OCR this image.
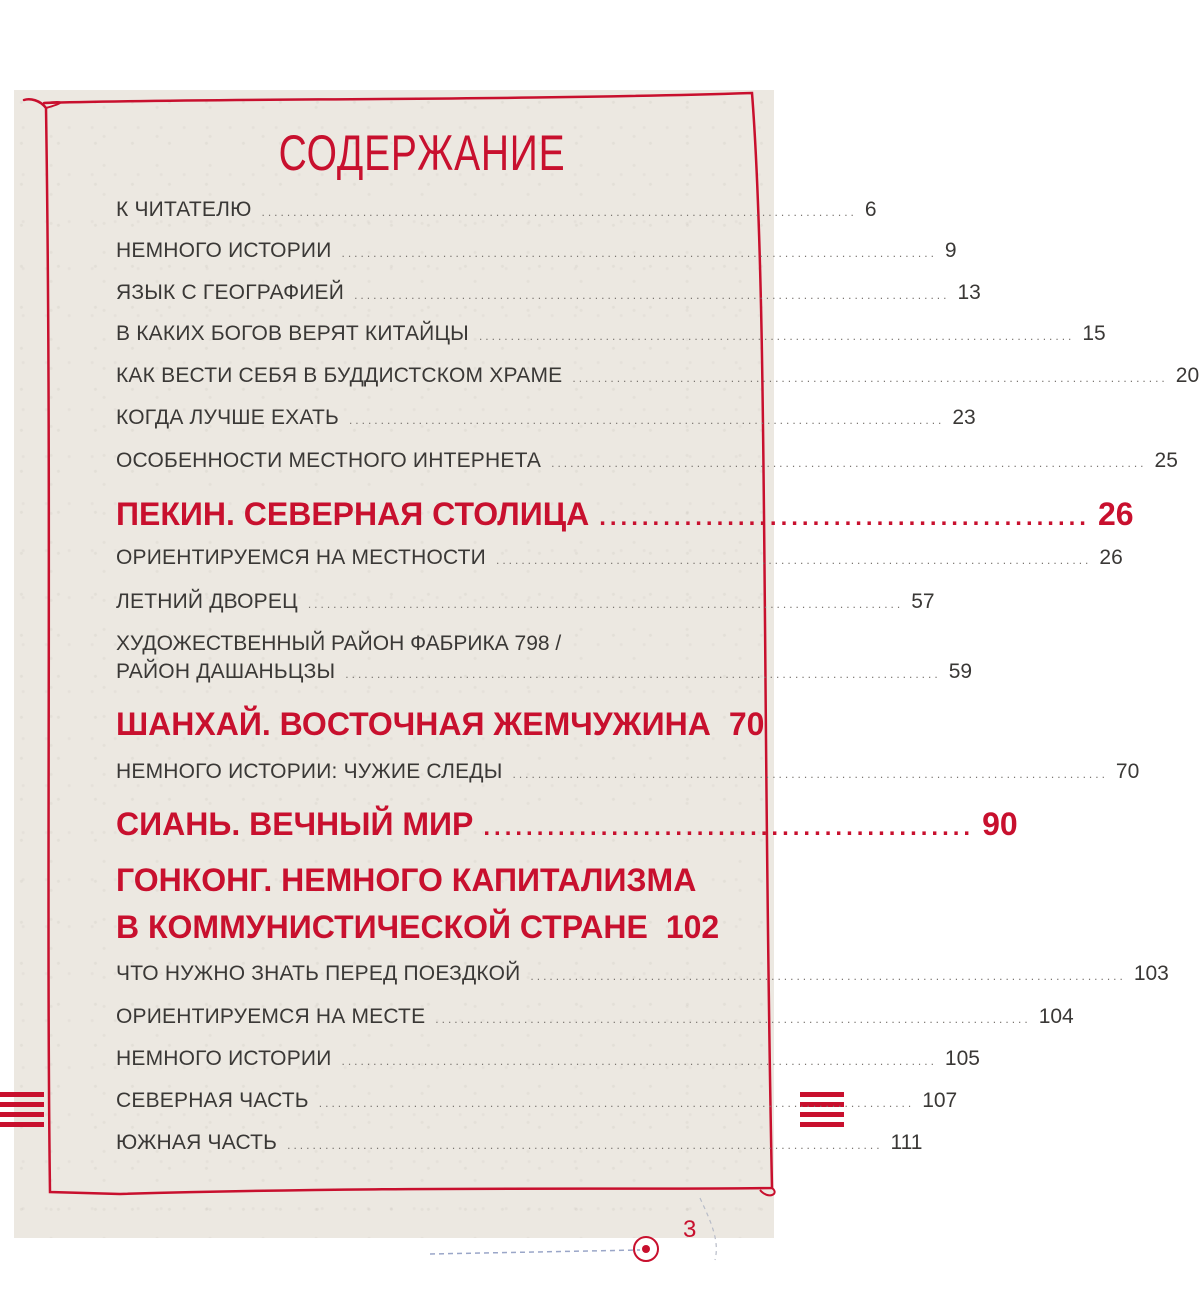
СОДЕРЖАНИЕ
К ЧИТАТЕЛЮ .............................................................................................. 6
НЕМНОГО ИСТОРИИ .............................................................................................. 9
ЯЗЫК С ГЕОГРАФИЕЙ .............................................................................................. 13
В КАКИХ БОГОВ ВЕРЯТ КИТАЙЦЫ .............................................................................................. 15
КАК ВЕСТИ СЕБЯ В БУДДИСТСКОМ ХРАМЕ .............................................................................................. 20
КОГДА ЛУЧШЕ ЕХАТЬ .............................................................................................. 23
ОСОБЕННОСТИ МЕСТНОГО ИНТЕРНЕТА .............................................................................................. 25
ПЕКИН. СЕВЕРНАЯ СТОЛИЦА .............................................. 26
ОРИЕНТИРУЕМСЯ НА МЕСТНОСТИ .............................................................................................. 26
ЛЕТНИЙ ДВОРЕЦ .............................................................................................. 57
ХУДОЖЕСТВЕННЫЙ РАЙОН ФАБРИКА 798 /
РАЙОН ДАШАНЬЦЗЫ .............................................................................................. 59
ШАНХАЙ. ВОСТОЧНАЯ ЖЕМЧУЖИНА 70
НЕМНОГО ИСТОРИИ: ЧУЖИЕ СЛЕДЫ .............................................................................................. 70
СИАНЬ. ВЕЧНЫЙ МИР .............................................. 90
ГОНКОНГ. НЕМНОГО КАПИТАЛИЗМА
В КОММУНИСТИЧЕСКОЙ СТРАНЕ 102
ЧТО НУЖНО ЗНАТЬ ПЕРЕД ПОЕЗДКОЙ .............................................................................................. 103
ОРИЕНТИРУЕМСЯ НА МЕСТЕ .............................................................................................. 104
НЕМНОГО ИСТОРИИ .............................................................................................. 105
СЕВЕРНАЯ ЧАСТЬ .............................................................................................. 107
ЮЖНАЯ ЧАСТЬ .............................................................................................. 111
3
